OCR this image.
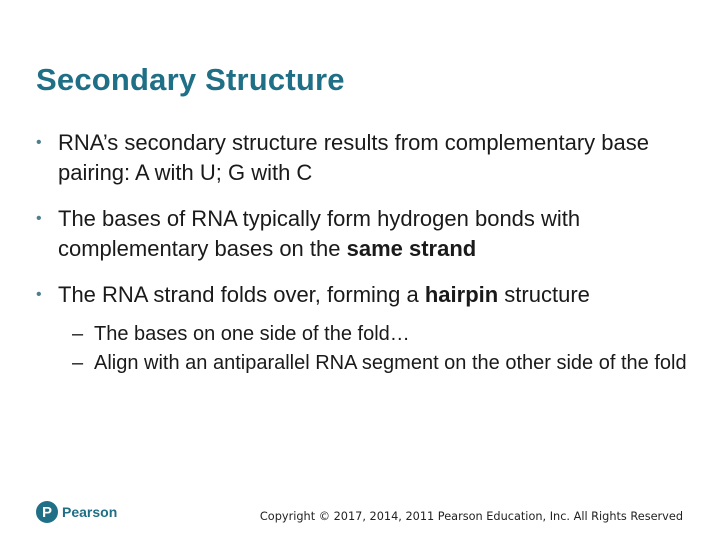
Secondary Structure
• RNA’s secondary structure results from complementary base pairing: A with U; G with C
• The bases of RNA typically form hydrogen bonds with complementary bases on the same strand
• The RNA strand folds over, forming a hairpin structure
– The bases on one side of the fold…
– Align with an antiparallel RNA segment on the other side of the fold
P Pearson	Copyright © 2017, 2014, 2011 Pearson Education, Inc. All Rights Reserved
